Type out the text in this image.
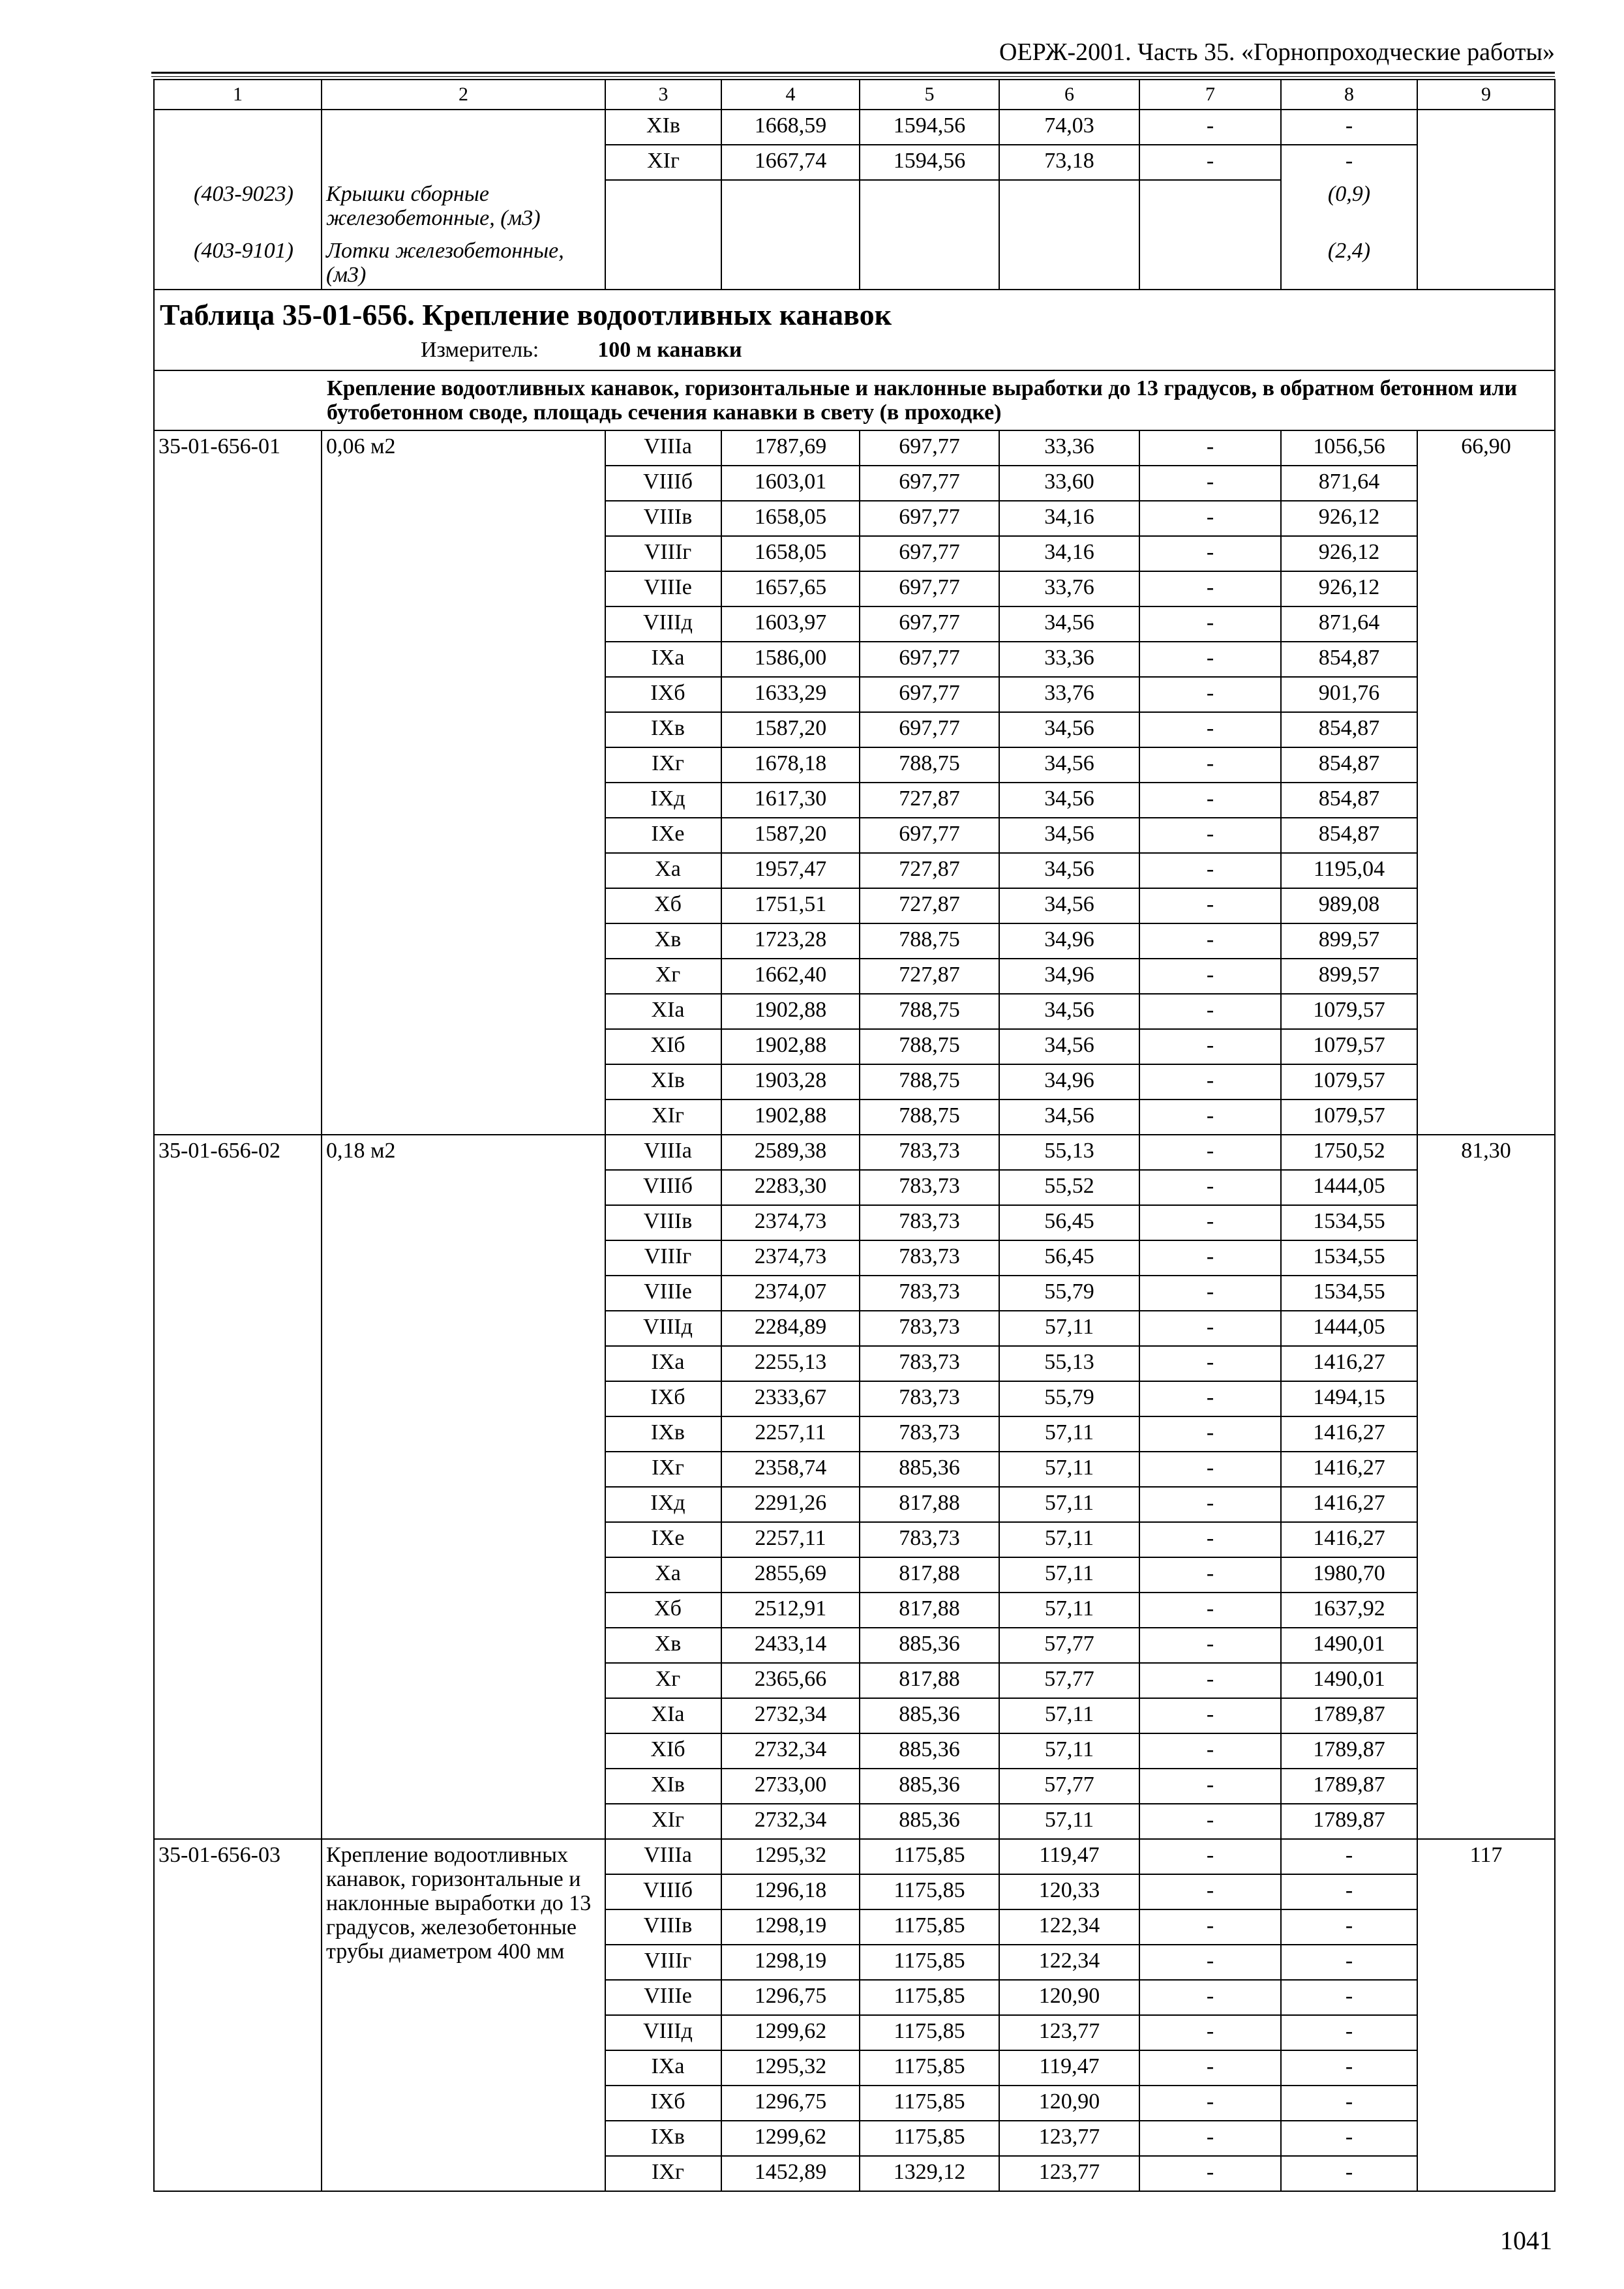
ОЕРЖ-2001. Часть 35. «Горнопроходческие работы»
1	2	3	4	5	6	7	8	9
		XIв	1668,59	1594,56	74,03	-	-	
		XIг	1667,74	1594,56	73,18	-	-	
(403-9023)	Крышки сборные железобетонные, (м3)						(0,9)	
(403-9101)	Лотки железобетонные, (м3)						(2,4)	

Таблица 35-01-656. Крепление водоотливных канавок
Измеритель: 100 м канавки								

	Крепление водоотливных канавок, горизонтальные и наклонные выработки до 13 градусов, в обратном бетонном или бутобетонном своде, площадь сечения канавки в свету (в проходке)							
35-01-656-01	0,06 м2	VIIIa	1787,69	697,77	33,36	-	1056,56	66,90
		VIIIб	1603,01	697,77	33,60	-	871,64	
		VIIIв	1658,05	697,77	34,16	-	926,12	
		VIIIг	1658,05	697,77	34,16	-	926,12	
		VIIIe	1657,65	697,77	33,76	-	926,12	
		VIIIд	1603,97	697,77	34,56	-	871,64	
		IXa	1586,00	697,77	33,36	-	854,87	
		IXб	1633,29	697,77	33,76	-	901,76	
		IXв	1587,20	697,77	34,56	-	854,87	
		IXг	1678,18	788,75	34,56	-	854,87	
		IXд	1617,30	727,87	34,56	-	854,87	
		IXe	1587,20	697,77	34,56	-	854,87	
		Xa	1957,47	727,87	34,56	-	1195,04	
		Xб	1751,51	727,87	34,56	-	989,08	
		Xв	1723,28	788,75	34,96	-	899,57	
		Xг	1662,40	727,87	34,96	-	899,57	
		XIa	1902,88	788,75	34,56	-	1079,57	
		XIб	1902,88	788,75	34,56	-	1079,57	
		XIв	1903,28	788,75	34,96	-	1079,57	
		XIг	1902,88	788,75	34,56	-	1079,57	
35-01-656-02	0,18 м2	VIIIa	2589,38	783,73	55,13	-	1750,52	81,30
		VIIIб	2283,30	783,73	55,52	-	1444,05	
		VIIIв	2374,73	783,73	56,45	-	1534,55	
		VIIIг	2374,73	783,73	56,45	-	1534,55	
		VIIIe	2374,07	783,73	55,79	-	1534,55	
		VIIIд	2284,89	783,73	57,11	-	1444,05	
		IXa	2255,13	783,73	55,13	-	1416,27	
		IXб	2333,67	783,73	55,79	-	1494,15	
		IXв	2257,11	783,73	57,11	-	1416,27	
		IXг	2358,74	885,36	57,11	-	1416,27	
		IXд	2291,26	817,88	57,11	-	1416,27	
		IXe	2257,11	783,73	57,11	-	1416,27	
		Xa	2855,69	817,88	57,11	-	1980,70	
		Xб	2512,91	817,88	57,11	-	1637,92	
		Xв	2433,14	885,36	57,77	-	1490,01	
		Xг	2365,66	817,88	57,77	-	1490,01	
		XIa	2732,34	885,36	57,11	-	1789,87	
		XIб	2732,34	885,36	57,11	-	1789,87	
		XIв	2733,00	885,36	57,77	-	1789,87	
		XIг	2732,34	885,36	57,11	-	1789,87	
35-01-656-03	Крепление водоотливных канавок, горизонтальные и наклонные выработки до 13 градусов, железобетонные трубы диаметром 400 мм	VIIIa	1295,32	1175,85	119,47	-	-	117
		VIIIб	1296,18	1175,85	120,33	-	-	
		VIIIв	1298,19	1175,85	122,34	-	-	
		VIIIг	1298,19	1175,85	122,34	-	-	
		VIIIe	1296,75	1175,85	120,90	-	-	
		VIIIд	1299,62	1175,85	123,77	-	-	
		IXa	1295,32	1175,85	119,47	-	-	
		IXб	1296,75	1175,85	120,90	-	-	
		IXв	1299,62	1175,85	123,77	-	-	
		IXг	1452,89	1329,12	123,77	-	-	
1041
